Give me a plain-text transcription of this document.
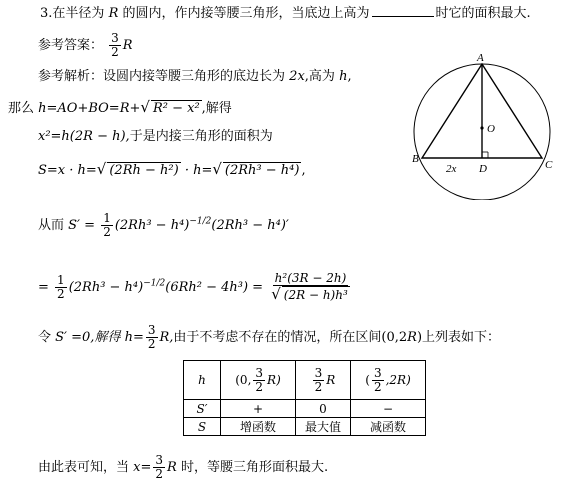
3.在半径为 R 的圆内，作内接等腰三角形，当底边上高为	时它的面积最大.
参考答案： $\frac{3}{2}$ R
参考解析：设圆内接等腰三角形的底边长为 2x,高为 h,
那么 h=AO+BO=R+√ R² − x² ,解得
x²=h(2R − h),于是内接三角形的面积为
S=x · h=√ (2Rh − h²) · h=√ (2Rh³ − h⁴) ,
从而 $S' = \frac{1}{2} (2Rh^3 - h^4)^{-1/2}(2Rh^3 - h^4)'$
= $\frac{1}{2} (2Rh^3 - h^4)^{-1/2}(6Rh^2 - 4h^3) = \frac{\text{h²(3R − 2h)}}{\text{√ (2R − h)h³}}$
令 S′ =0,解得 $h= \frac{3}{2} R$,由于不考虑不存在的情况，所在区间(0,2R)上列表如下：
h	(0, $\frac{3}{2} R$)	$\frac{3}{2}$ R	( $\frac{3}{2} ,2R$)
S′	+	0	−
S	增函数	最大值	减函数
由此表可知，当 $x= \frac{3}{2}$ R 时，等腰三角形面积最大.
A
B	C
D
O
2x
